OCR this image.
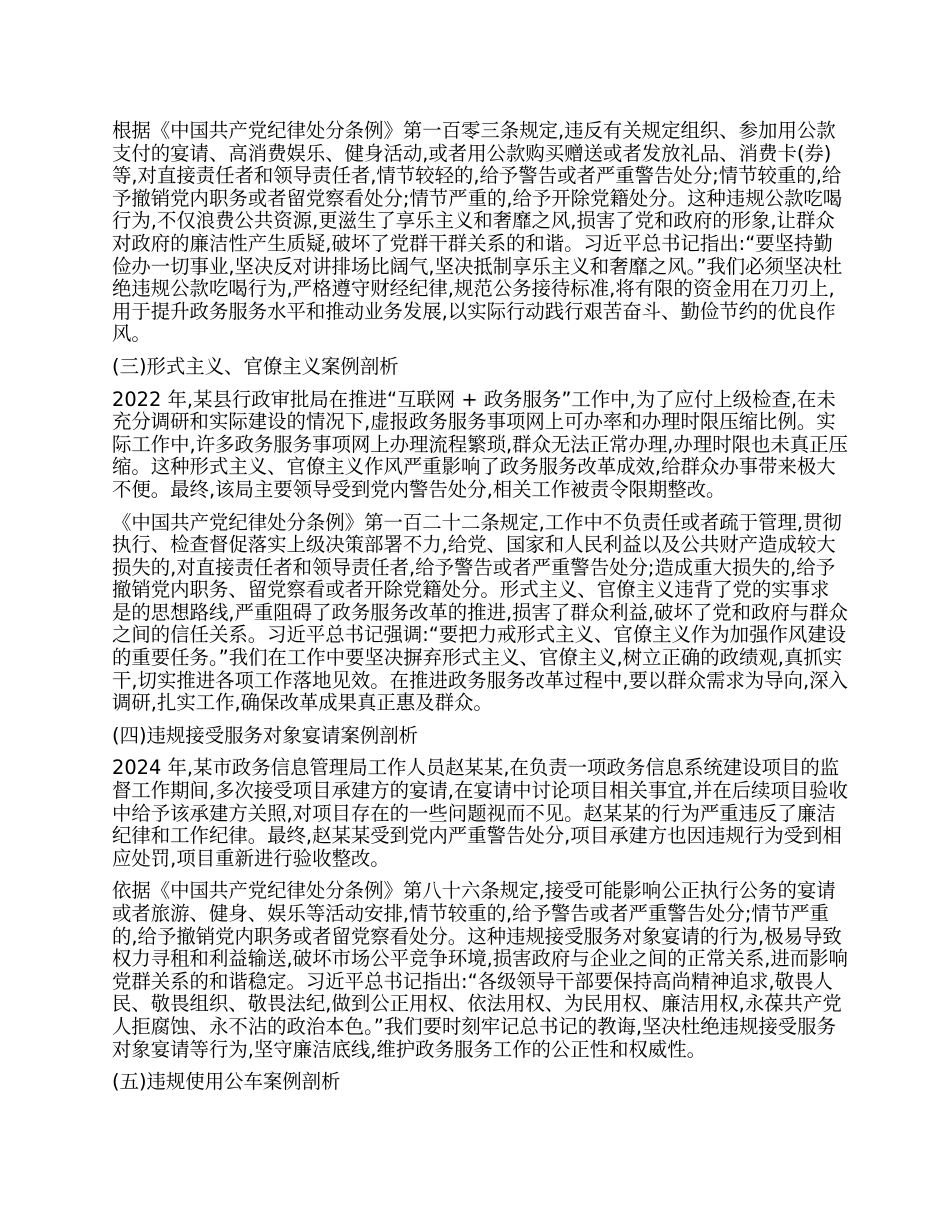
根据《中国共产党纪律处分条例》第一百零三条规定,违反有关规定组织、参加用公款支付的宴请、高消费娱乐、健身活动,或者用公款购买赠送或者发放礼品、消费卡(券)等,对直接责任者和领导责任者,情节较轻的,给予警告或者严重警告处分;情节较重的,给予撤销党内职务或者留党察看处分;情节严重的,给予开除党籍处分。这种违规公款吃喝行为,不仅浪费公共资源,更滋生了享乐主义和奢靡之风,损害了党和政府的形象,让群众对政府的廉洁性产生质疑,破坏了党群干群关系的和谐。习近平总书记指出:“要坚持勤俭办一切事业,坚决反对讲排场比阔气,坚决抵制享乐主义和奢靡之风。”我们必须坚决杜绝违规公款吃喝行为,严格遵守财经纪律,规范公务接待标准,将有限的资金用在刀刃上,用于提升政务服务水平和推动业务发展,以实际行动践行艰苦奋斗、勤俭节约的优良作风。

(三)形式主义、官僚主义案例剖析

2022 年,某县行政审批局在推进“互联网 + 政务服务”工作中,为了应付上级检查,在未充分调研和实际建设的情况下,虚报政务服务事项网上可办率和办理时限压缩比例。实际工作中,许多政务服务事项网上办理流程繁琐,群众无法正常办理,办理时限也未真正压缩。这种形式主义、官僚主义作风严重影响了政务服务改革成效,给群众办事带来极大不便。最终,该局主要领导受到党内警告处分,相关工作被责令限期整改。

《中国共产党纪律处分条例》第一百二十二条规定,工作中不负责任或者疏于管理,贯彻执行、检查督促落实上级决策部署不力,给党、国家和人民利益以及公共财产造成较大损失的,对直接责任者和领导责任者,给予警告或者严重警告处分;造成重大损失的,给予撤销党内职务、留党察看或者开除党籍处分。形式主义、官僚主义违背了党的实事求是的思想路线,严重阻碍了政务服务改革的推进,损害了群众利益,破坏了党和政府与群众之间的信任关系。习近平总书记强调:“要把力戒形式主义、官僚主义作为加强作风建设的重要任务。”我们在工作中要坚决摒弃形式主义、官僚主义,树立正确的政绩观,真抓实干,切实推进各项工作落地见效。在推进政务服务改革过程中,要以群众需求为导向,深入调研,扎实工作,确保改革成果真正惠及群众。

(四)违规接受服务对象宴请案例剖析

2024 年,某市政务信息管理局工作人员赵某某,在负责一项政务信息系统建设项目的监督工作期间,多次接受项目承建方的宴请,在宴请中讨论项目相关事宜,并在后续项目验收中给予该承建方关照,对项目存在的一些问题视而不见。赵某某的行为严重违反了廉洁纪律和工作纪律。最终,赵某某受到党内严重警告处分,项目承建方也因违规行为受到相应处罚,项目重新进行验收整改。

依据《中国共产党纪律处分条例》第八十六条规定,接受可能影响公正执行公务的宴请或者旅游、健身、娱乐等活动安排,情节较重的,给予警告或者严重警告处分;情节严重的,给予撤销党内职务或者留党察看处分。这种违规接受服务对象宴请的行为,极易导致权力寻租和利益输送,破坏市场公平竞争环境,损害政府与企业之间的正常关系,进而影响党群关系的和谐稳定。习近平总书记指出:“各级领导干部要保持高尚精神追求,敬畏人民、敬畏组织、敬畏法纪,做到公正用权、依法用权、为民用权、廉洁用权,永葆共产党人拒腐蚀、永不沾的政治本色。”我们要时刻牢记总书记的教诲,坚决杜绝违规接受服务对象宴请等行为,坚守廉洁底线,维护政务服务工作的公正性和权威性。

(五)违规使用公车案例剖析
